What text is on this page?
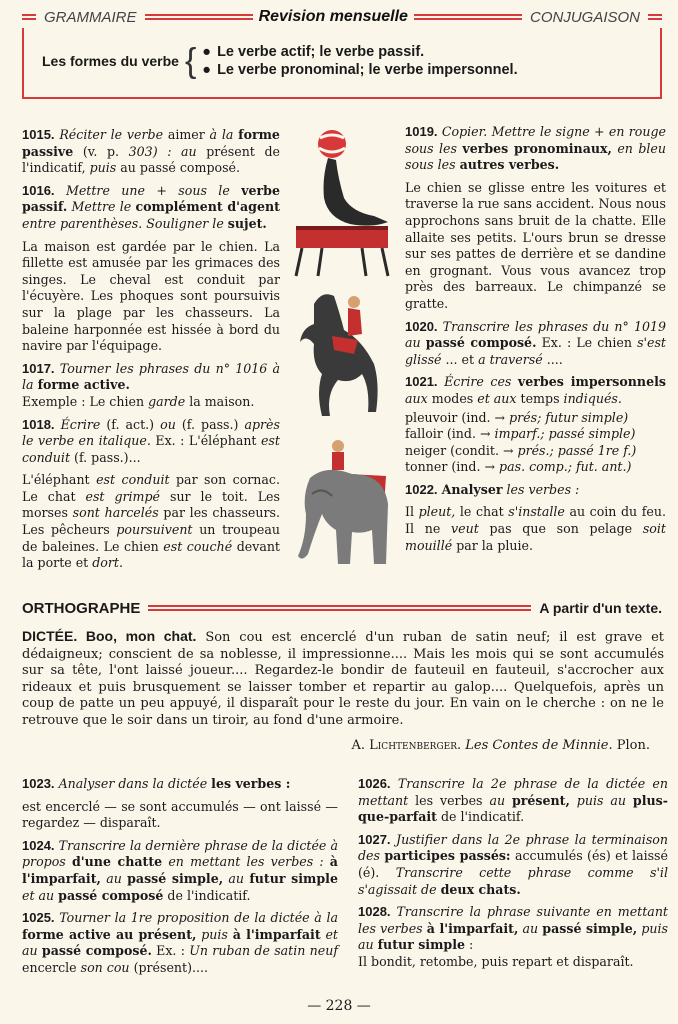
GRAMMAIRE	Revision mensuelle	CONJUGAISON
Les formes du verbe { ● Le verbe actif; le verbe passif.
● Le verbe pronominal; le verbe impersonnel.

1015. Réciter le verbe aimer à la forme passive (v. p. 303) : au présent de l'indicatif, puis au passé composé.

1016. Mettre une + sous le verbe passif. Mettre le complément d'agent entre parenthèses. Souligner le sujet.

La maison est gardée par le chien. La fillette est amusée par les grimaces des singes. Le cheval est conduit par l'écuyère. Les phoques sont poursuivis sur la plage par les chasseurs. La baleine harponnée est hissée à bord du navire par l'équipage.

1017. Tourner les phrases du n° 1016 à la forme active.
Exemple : Le chien garde la maison.

1018. Écrire (f. act.) ou (f. pass.) après le verbe en italique. Ex. : L'éléphant est conduit (f. pass.)...

L'éléphant est conduit par son cornac. Le chat est grimpé sur le toit. Les morses sont harcelés par les chasseurs. Les pêcheurs poursuivent un troupeau de baleines. Le chien est couché devant la porte et dort.

1019. Copier. Mettre le signe + en rouge sous les verbes pronominaux, en bleu sous les autres verbes.

Le chien se glisse entre les voitures et traverse la rue sans accident. Nous nous approchons sans bruit de la chatte. Elle allaite ses petits. L'ours brun se dresse sur ses pattes de derrière et se dandine en grognant. Vous vous avancez trop près des barreaux. Le chimpanzé se gratte.

1020. Transcrire les phrases du n° 1019 au passé composé. Ex. : Le chien s'est glissé ... et a traversé ....

1021. Écrire ces verbes impersonnels aux modes et aux temps indiqués.

pleuvoir (ind. → prés; futur simple)
falloir (ind. → imparf.; passé simple)
neiger (condit. → prés.; passé 1re f.)
tonner (ind. → pas. comp.; fut. ant.)

1022. Analyser les verbes :

Il pleut, le chat s'installe au coin du feu. Il ne veut pas que son pelage soit mouillé par la pluie.

ORTHOGRAPHE	A partir d'un texte.
DICTÉE. Boo, mon chat. Son cou est encerclé d'un ruban de satin neuf; il est grave et dédaigneux; conscient de sa noblesse, il impressionne.... Mais les mois qui se sont accumulés sur sa tête, l'ont laissé joueur.... Regardez-le bondir de fauteuil en fauteuil, s'accrocher aux rideaux et puis brusquement se laisser tomber et repartir au galop.... Quelquefois, après un coup de patte un peu appuyé, il disparaît pour le reste du jour. En vain on le cherche : on ne le retrouve que le soir dans un tiroir, au fond d'une armoire.
A. Lichtenberger. Les Contes de Minnie. Plon.

1023. Analyser dans la dictée les verbes :

est encerclé — se sont accumulés — ont laissé — regardez — disparaît.

1024. Transcrire la dernière phrase de la dictée à propos d'une chatte en mettant les verbes : à l'imparfait, au passé simple, au futur simple et au passé composé de l'indicatif.

1025. Tourner la 1re proposition de la dictée à la forme active au présent, puis à l'imparfait et au passé composé. Ex. : Un ruban de satin neuf encercle son cou (présent)....

1026. Transcrire la 2e phrase de la dictée en mettant les verbes au présent, puis au plus-que-parfait de l'indicatif.

1027. Justifier dans la 2e phrase la terminaison des participes passés: accumulés (és) et laissé (é). Transcrire cette phrase comme s'il s'agissait de deux chats.

1028. Transcrire la phrase suivante en mettant les verbes à l'imparfait, au passé simple, puis au futur simple :
Il bondit, retombe, puis repart et disparaît.

— 228 —
